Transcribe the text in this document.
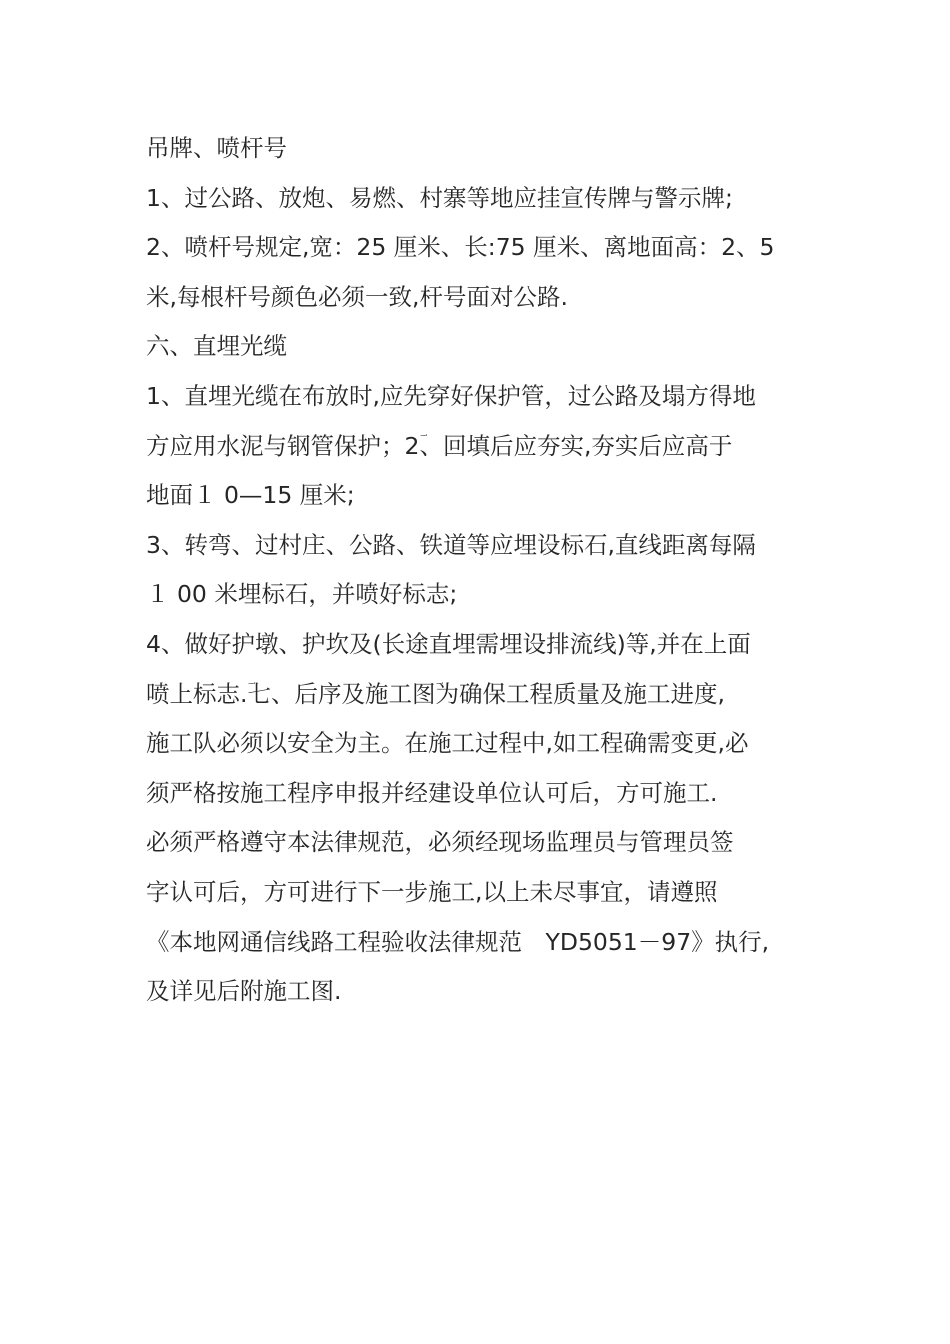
吊牌、喷杆号
1、过公路、放炮、易燃、村寨等地应挂宣传牌与警示牌;
2、喷杆号规定,宽：25 厘米、长:75 厘米、离地面高：2、5
米,每根杆号颜色必须一致,杆号面对公路.
六、直埋光缆
1、直埋光缆在布放时,应先穿好保护管，过公路及塌方得地
方应用水泥与钢管保护；2ؔ、回填后应夯实,夯实后应高于
地面１ 0—15 厘米;
3、转弯、过村庄、公路、铁道等应埋设标石,直线距离每隔
１ 00 米埋标石，并喷好标志;
4、做好护墩、护坎及(长途直埋需埋设排流线)等,并在上面
喷上标志.ؔ七、后序及施工图ؔ为确保工程质量及施工进度,
施工队必须以安全为主。在施工过程中,如工程确需变更,必
须严格按施工程序申报并经建设单位认可后，方可施工.
必须严格遵守本法律规范，必须经现场监理员与管理员签
字认可后，方可进行下一步施工,以上未尽事宜，请遵照
《本地网通信线路工程验收法律规范　YD5051－97》执行,
及详见后附施工图.
